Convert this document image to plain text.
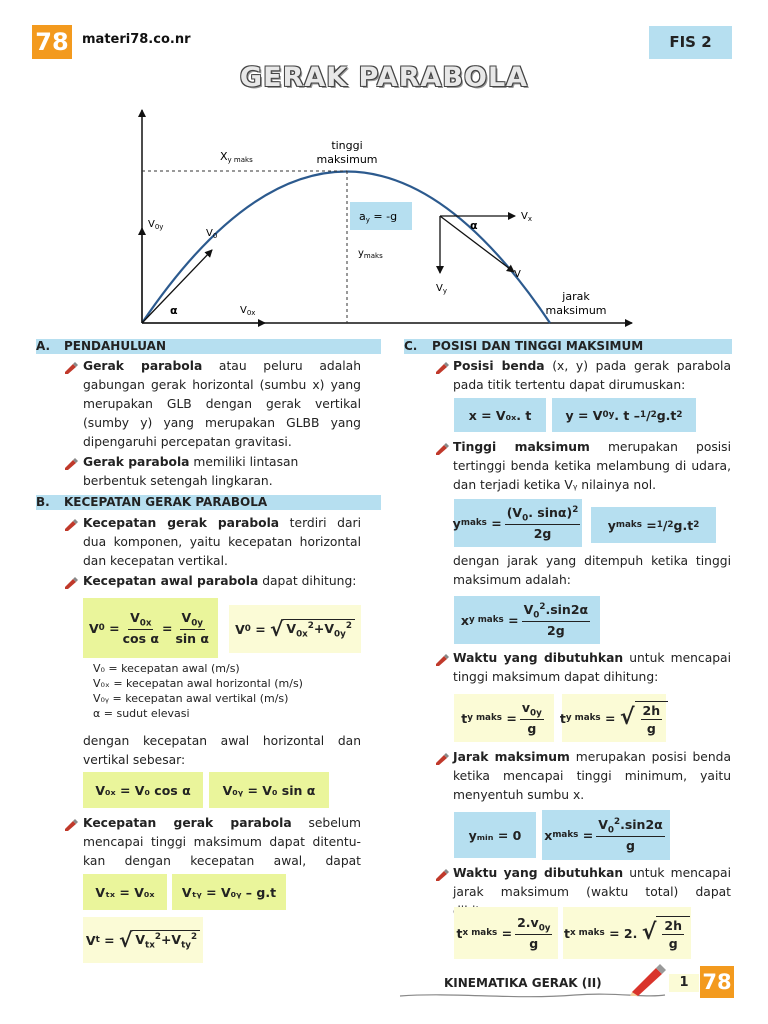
78 materi78.co.nr	FIS 2
GERAK PARABOLA
Xy maks
tinggi
maksimum
ay = -g
$V_{0y}$
$V_0$
$y_{maks}$
α	$V_{0x}$
$V_x$
$V_y$
V
α
jarak
maksimum
A. PENDAHULUAN
Gerak parabola atau peluru adalah gabungan gerak horizontal (sumbu x) yang merupakan GLB dengan gerak vertikal (sumby y) yang merupakan GLBB yang dipengaruhi percepatan gravitasi.
Gerak parabola memiliki lintasan berbentuk setengah lingkaran.
B. KECEPATAN GERAK PARABOLA
Kecepatan gerak parabola terdiri dari dua komponen, yaitu kecepatan horizontal dan kecepatan vertikal.
Kecepatan awal parabola dapat dihitung:
V $0 = \frac{V_{0x}}{\text{cos α}} = \frac{V_{0y}}{\text{sin α}}$	V 0 = √ $V_{0x}^2+V_{0y}^2$
V₀ = kecepatan awal (m/s)
V₀ₓ = kecepatan awal horizontal (m/s)
V₀ᵧ = kecepatan awal vertikal (m/s)
α = sudut elevasi
dengan kecepatan awal horizontal dan vertikal sebesar:
V₀ₓ = V₀ cos α	V₀ᵧ = V₀ sin α
Kecepatan gerak parabola sebelum mencapai tinggi maksimum dapat ditentu-kan dengan kecepatan awal, dapat
Vₜₓ = V₀ₓ	Vₜᵧ = V₀ᵧ – g.t
V t = √ $V_{tx}^2+V_{ty}^2$
C. POSISI DAN TINGGI MAKSIMUM
Posisi benda (x, y) pada gerak parabola pada titik tertentu dapat dirumuskan:
x = V₀ₓ. t	y = V 0y . t – 1 / 2 g.t 2
Tinggi maksimum merupakan posisi tertinggi benda ketika melambung di udara, dan terjadi ketika Vᵧ nilainya nol.
y maks = $\frac{(V_0. \sin\alpha)^2}{2g}$	y maks = 1 / 2 g.t 2
dengan jarak yang ditempuh ketika tinggi maksimum adalah:
x y maks = $\frac{V_0^2.\sin 2\alpha}{2g}$
Waktu yang dibutuhkan untuk mencapai tinggi maksimum dapat dihitung:
t y maks = $\frac{v_{0y}}{g}$ t y maks = √ $\frac{2h}{g}$
Jarak maksimum merupakan posisi benda ketika mencapai tinggi minimum, yaitu menyentuh sumbu x.
yₘᵢₙ = 0	x maks = $\frac{V_0^2.\sin 2\alpha}{g}$
Waktu yang dibutuhkan untuk mencapai jarak maksimum (waktu total) dapat
t x maks = $\frac{2.v_{0y}}{g}$ t x maks = 2. √ $\frac{2h}{g}$
KINEMATIKA GERAK (II)	1 78
